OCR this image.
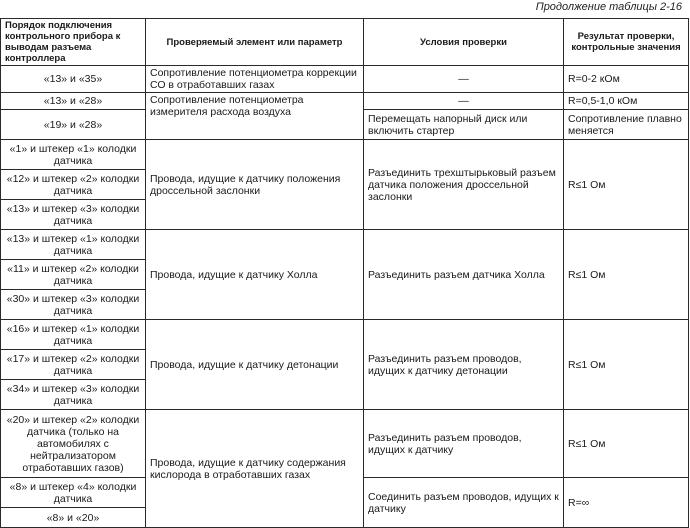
Продолжение таблицы 2-16
Порядок подключения контрольного прибора к выводам разъема контроллера	Проверяемый элемент или параметр	Условия проверки	Результат проверки, контрольные значения
«13» и «35»	Сопротивление потенциометра коррекции СО в отработавших газах	—	R=0-2 кОм
«13» и «28»	Сопротивление потенциометра измерителя расхода воздуха	—	R=0,5-1,0 кОм
«19» и «28»		Перемещать напорный диск или включить стартер	Сопротивление плавно меняется
«1» и штекер «1» колодки датчика	Провода, идущие к датчику положения дроссельной заслонки	Разъединить трехштырьковый разъем датчика положения дроссельной заслонки	R≤1 Ом
«12» и штекер «2» колодки датчика			
«13» и штекер «3» колодки датчика			
«13» и штекер «1» колодки датчика	Провода, идущие к датчику Холла	Разъединить разъем датчика Холла	R≤1 Ом
«11» и штекер «2» колодки датчика			
«30» и штекер «3» колодки датчика			
«16» и штекер «1» колодки датчика	Провода, идущие к датчику детонации	Разъединить разъем проводов, идущих к датчику детонации	R≤1 Ом
«17» и штекер «2» колодки датчика			
«34» и штекер «3» колодки датчика			
«20» и штекер «2» колодки датчика (только на автомобилях с нейтрализатором отработавших газов)	Провода, идущие к датчику содержания кислорода в отработавших газах	Разъединить разъем проводов, идущих к датчику	R≤1 Ом
«8» и штекер «4» колодки датчика		Соединить разъем проводов, идущих к датчику	R=∞
«8» и «20»			
